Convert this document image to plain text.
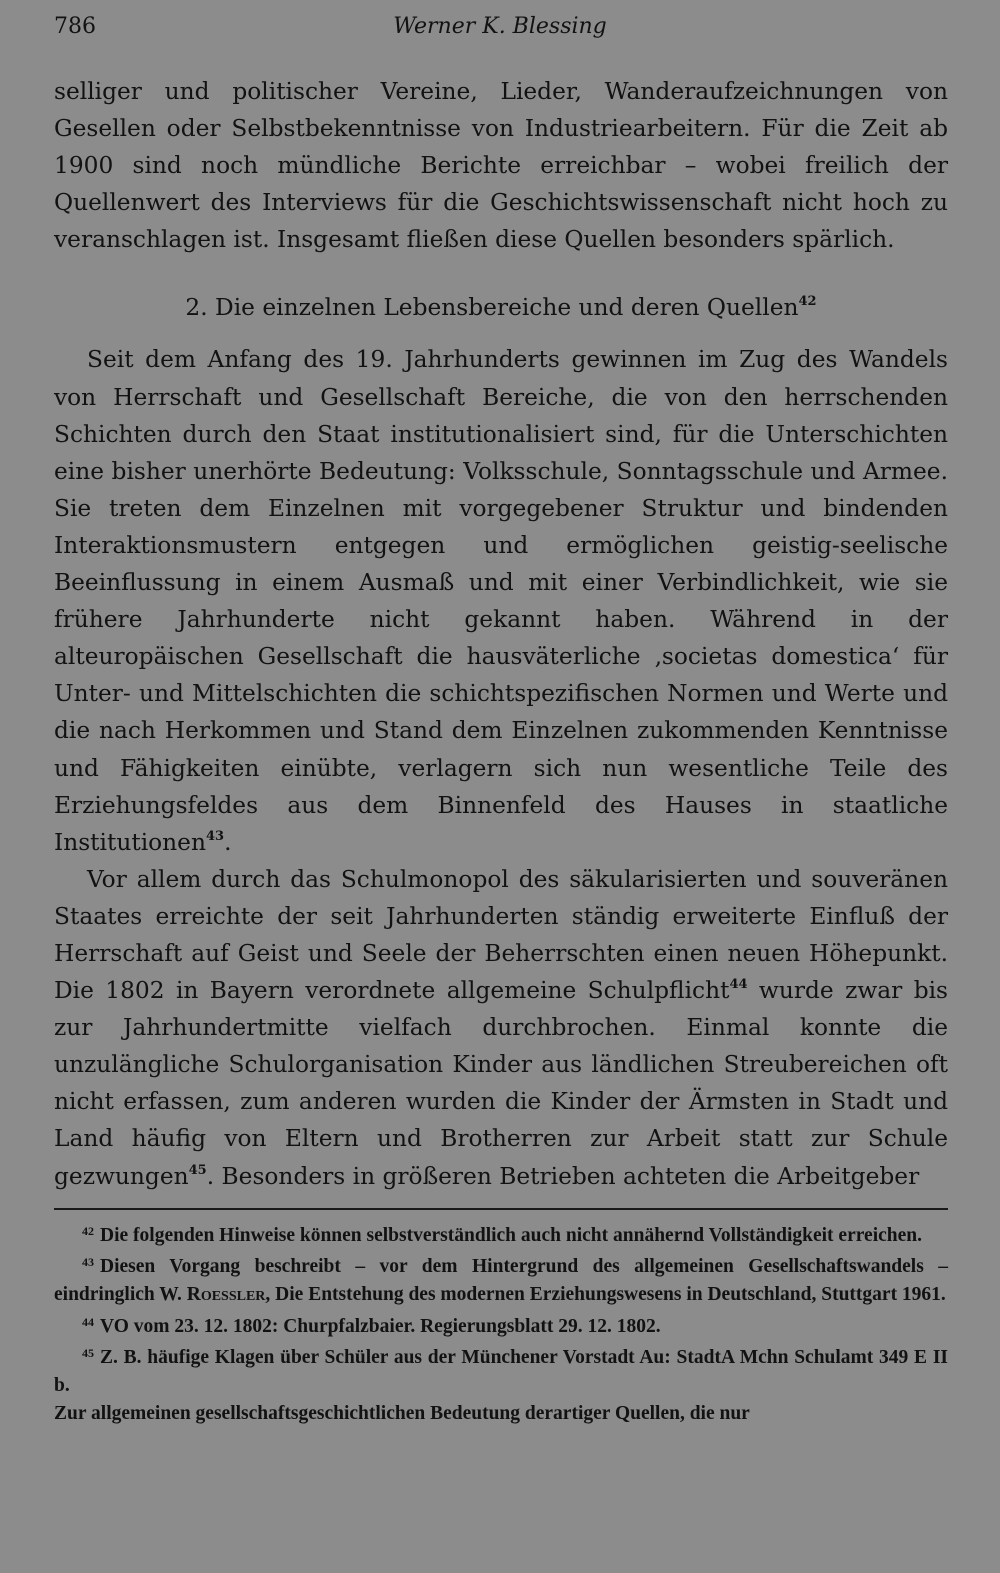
786	Werner K. Blessing

selliger und politischer Vereine, Lieder, Wanderaufzeichnungen von Gesellen oder Selbstbekenntnisse von Industriearbeitern. Für die Zeit ab 1900 sind noch mündliche Berichte erreichbar – wobei freilich der Quellenwert des Interviews für die Geschichtswissenschaft nicht hoch zu veranschlagen ist. Insgesamt fließen diese Quellen besonders spärlich.

2. Die einzelnen Lebensbereiche und deren Quellen$^{42}$

Seit dem Anfang des 19. Jahrhunderts gewinnen im Zug des Wandels von Herrschaft und Gesellschaft Bereiche, die von den herrschenden Schichten durch den Staat institutionalisiert sind, für die Unterschichten eine bisher unerhörte Bedeutung: Volksschule, Sonntagsschule und Armee. Sie treten dem Einzelnen mit vorgegebener Struktur und bindenden Interaktionsmustern entgegen und ermöglichen geistig-seelische Beeinflussung in einem Ausmaß und mit einer Verbindlichkeit, wie sie frühere Jahrhunderte nicht gekannt haben. Während in der alteuropäischen Gesellschaft die hausväterliche ‚societas domestica‘ für Unter- und Mittelschichten die schichtspezifischen Normen und Werte und die nach Herkommen und Stand dem Einzelnen zukommenden Kenntnisse und Fähigkeiten einübte, verlagern sich nun wesentliche Teile des Erziehungsfeldes aus dem Binnenfeld des Hauses in staatliche Institutionen$^{43}$.

Vor allem durch das Schulmonopol des säkularisierten und souveränen Staates erreichte der seit Jahrhunderten ständig erweiterte Einfluß der Herrschaft auf Geist und Seele der Beherrschten einen neuen Höhepunkt. Die 1802 in Bayern verordnete allgemeine Schulpflicht$^{44}$ wurde zwar bis zur Jahrhundertmitte vielfach durchbrochen. Einmal konnte die unzulängliche Schulorganisation Kinder aus ländlichen Streubereichen oft nicht erfassen, zum anderen wurden die Kinder der Ärmsten in Stadt und Land häufig von Eltern und Brotherren zur Arbeit statt zur Schule gezwungen$^{45}$. Besonders in größeren Betrieben achteten die Arbeitgeber

$^{42}$ Die folgenden Hinweise können selbstverständlich auch nicht annähernd Vollständigkeit erreichen.

$^{43}$ Diesen Vorgang beschreibt – vor dem Hintergrund des allgemeinen Gesellschaftswandels – eindringlich W. Roessler, Die Entstehung des modernen Erziehungswesens in Deutschland, Stuttgart 1961.

$^{44}$ VO vom 23. 12. 1802: Churpfalzbaier. Regierungsblatt 29. 12. 1802.

$^{45}$ Z. B. häufige Klagen über Schüler aus der Münchener Vorstadt Au: StadtA Mchn Schulamt 349 E II b.

Zur allgemeinen gesellschaftsgeschichtlichen Bedeutung derartiger Quellen, die nur
